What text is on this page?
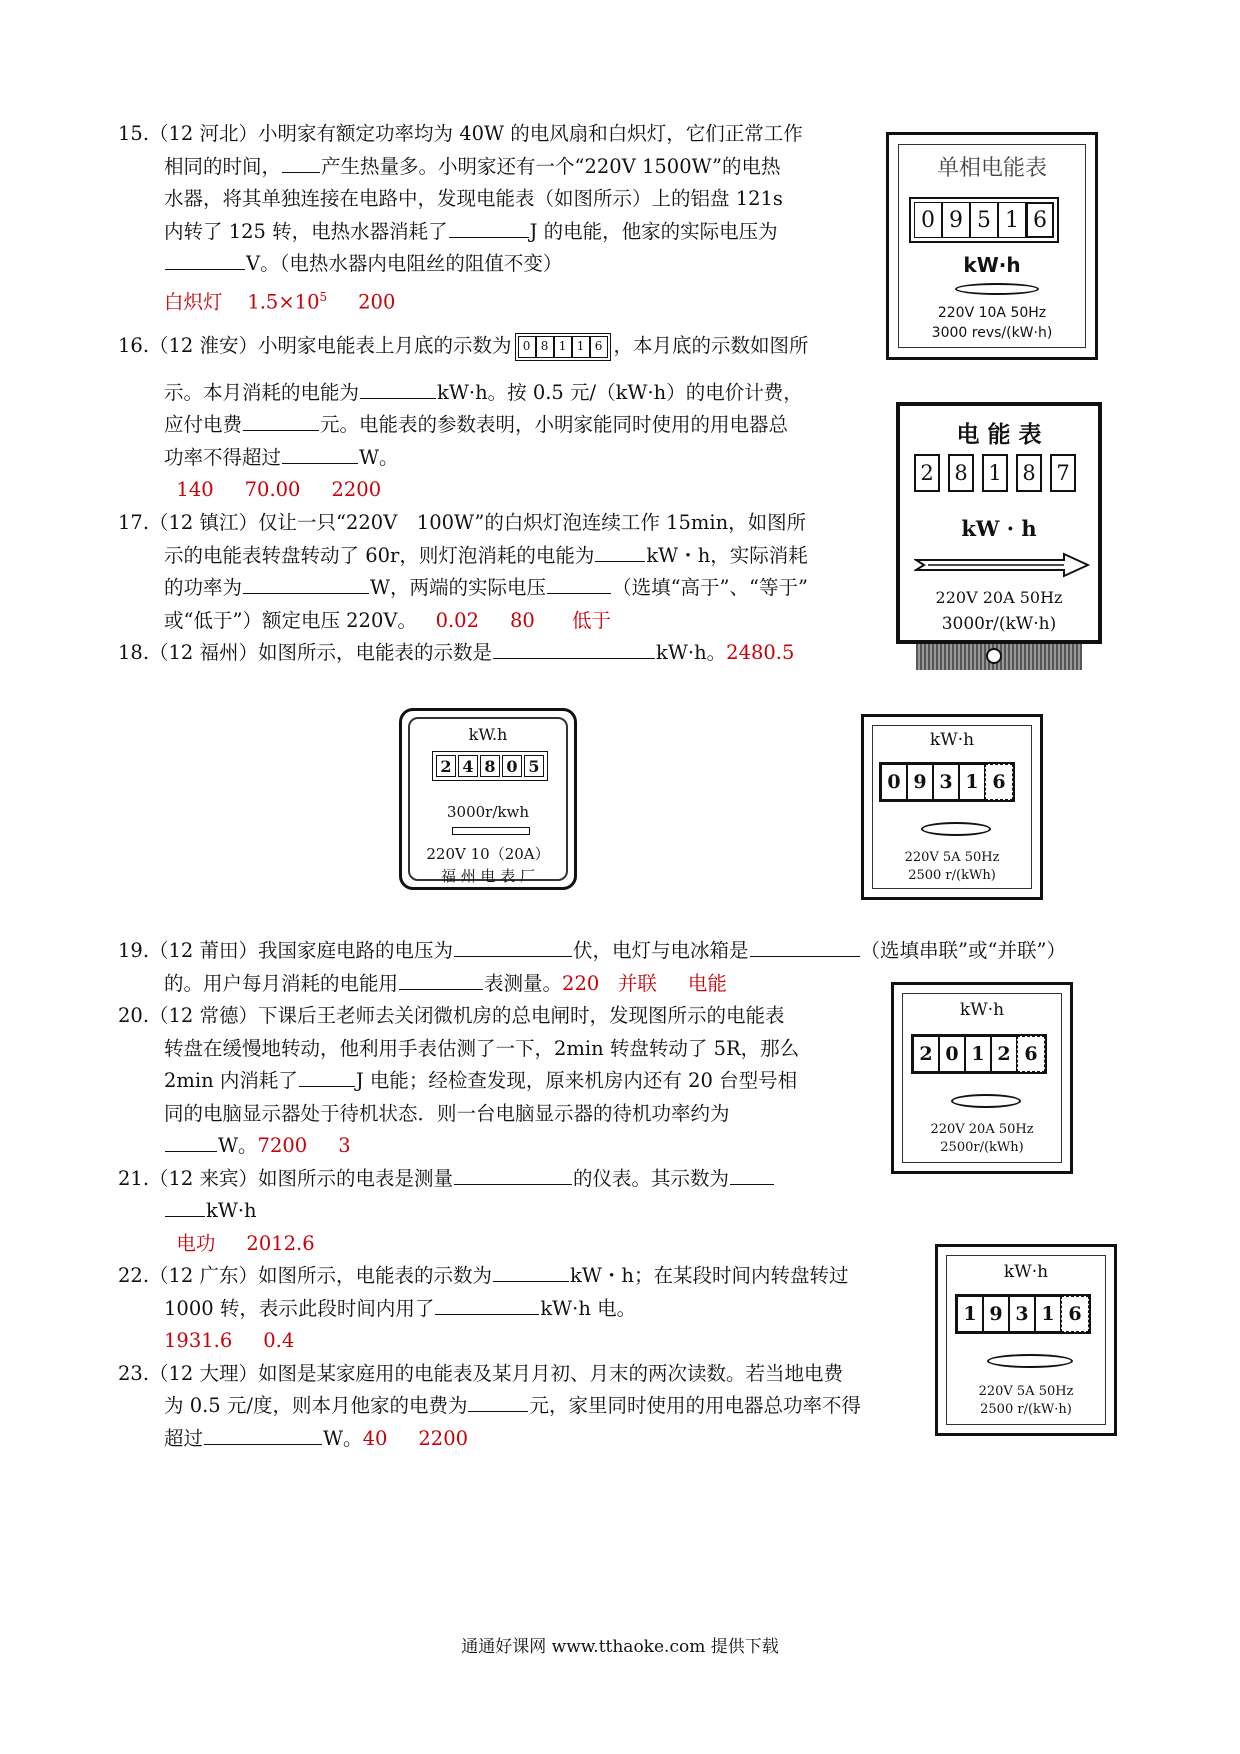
15.（12 河北）小明家有额定功率均为 40W 的电风扇和白炽灯，它们正常工作
相同的时间， 产生热量多。小明家还有一个“220V 1500W”的电热
水器，将其单独连接在电路中，发现电能表（如图所示）上的铝盘 121s
内转了 125 转，电热水器消耗了	J 的电能，他家的实际电压为
V。（电热水器内电阻丝的阻值不变）
白炽灯 $1.5\times 10^5$ 200
16.（12 淮安）小明家电能表上月底的示数为 0 8 1 1 6 ，本月底的示数如图所
示。本月消耗的电能为	kW·h。按 0.5 元/（kW·h）的电价计费，
应付电费	元。电能表的参数表明，小明家能同时使用的用电器总
功率不得超过	W。
140 70.00 2200
17.（12 镇江）仅让一只“220V　100W”的白炽灯泡连续工作 15min，如图所
示的电能表转盘转动了 60r，则灯泡消耗的电能为	kW・h，实际消耗
的功率为	W，两端的实际电压	（选填“高于”、“等于”
或“低于”）额定电压 220V。 0.02 80 低于
18.（12 福州）如图所示，电能表的示数是	kW·h。2480.5
19.（12 莆田）我国家庭电路的电压为	伏，电灯与电冰箱是	（选填串联”或“并联”）
的。用户每月消耗的电能用	表测量。220 并联 电能
20.（12 常德）下课后王老师去关闭微机房的总电闸时，发现图所示的电能表
转盘在缓慢地转动，他利用手表估测了一下，2min 转盘转动了 5R，那么
2min 内消耗了	J 电能；经检查发现，原来机房内还有 20 台型号相
同的电脑显示器处于待机状态．则一台电脑显示器的待机功率约为
W。7200 3
21.（12 来宾）如图所示的电表是测量	的仪表。其示数为
kW·h
电功 2012.6
22.（12 广东）如图所示，电能表的示数为	kW・h；在某段时间内转盘转过
1000 转，表示此段时间内用了	kW·h 电。
1931.6 0.4
23.（12 大理）如图是某家庭用的电能表及某月月初、月末的两次读数。若当地电费
为 0.5 元/度，则本月他家的电费为	元，家里同时使用的用电器总功率不得
超过	W。40 2200
单相电能表
0 9 5 1 6
kW·h
220V 10A 50Hz
3000 revs/(kW·h)
电 能 表
2 8 1 8 7
kW · h
220V 20A 50Hz
3000r/(kW·h)
kW.h
2 4 8 0 5
3000r/kwh
220V 10（20A）
福 州 电 表 厂
kW·h
0 9 3 1 6
220V 5A 50Hz
2500 r/(kWh)
kW·h
2 0 1 2 6
220V 20A 50Hz
2500r/(kWh)
kW·h
1 9 3 1 6
220V 5A 50Hz
2500 r/(kW·h)
通通好课网 www.tthaoke.com 提供下载
